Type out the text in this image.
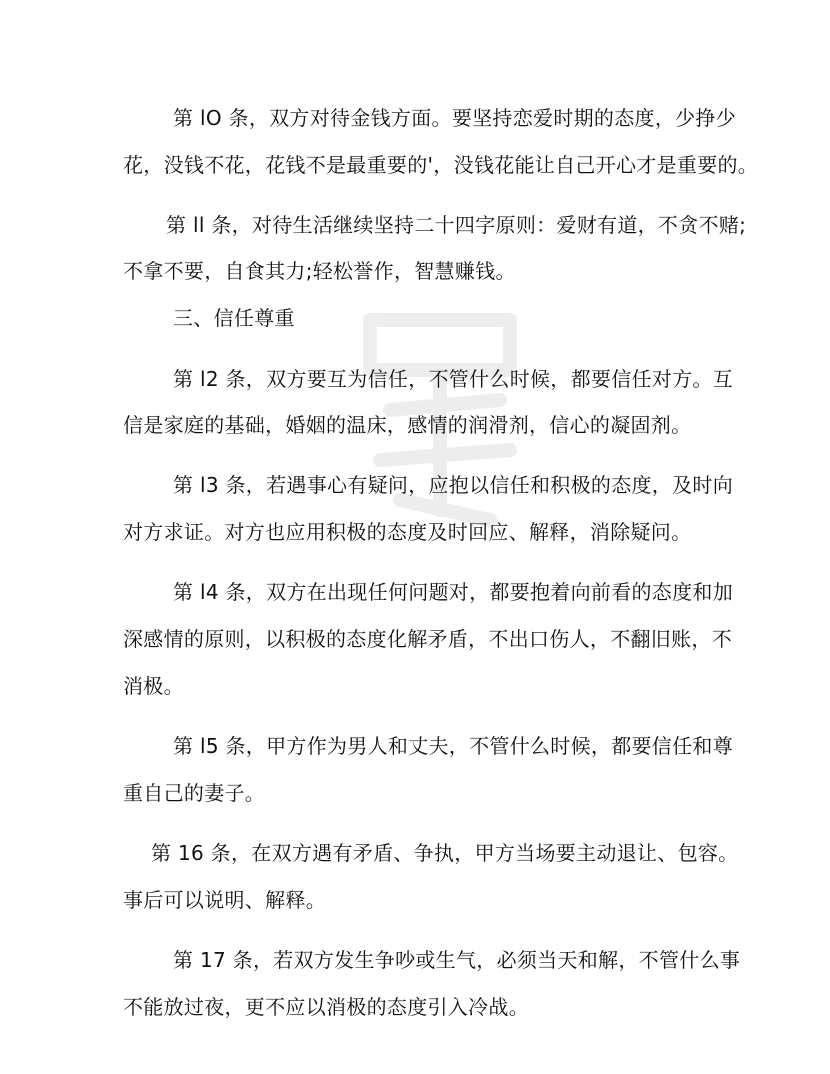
第 lO 条，双方对待金钱方面。要坚持恋爱时期的态度，少挣少
花，没钱不花，花钱不是最重要的'，没钱花能让自己开心才是重要的。
第 ll 条，对待生活继续坚持二十四字原则：爱财有道，不贪不赌;
不拿不要，自食其力;轻松誉作，智慧赚钱。
三、信任尊重
第 l2 条，双方要互为信任，不管什么时候，都要信任对方。互
信是家庭的基础，婚姻的温床，感情的润滑剂，信心的凝固剂。
第 l3 条，若遇事心有疑问，应抱以信任和积极的态度，及时向
对方求证。对方也应用积极的态度及时回应、解释，消除疑问。
第 l4 条，双方在出现任何问题对，都要抱着向前看的态度和加
深感情的原则，以积极的态度化解矛盾，不出口伤人，不翻旧账，不
消极。
第 l5 条，甲方作为男人和丈夫，不管什么时候，都要信任和尊
重自己的妻子。
第 16 条，在双方遇有矛盾、争执，甲方当场要主动退让、包容。
事后可以说明、解释。
第 17 条，若双方发生争吵或生气，必须当天和解，不管什么事
不能放过夜，更不应以消极的态度引入冷战。
